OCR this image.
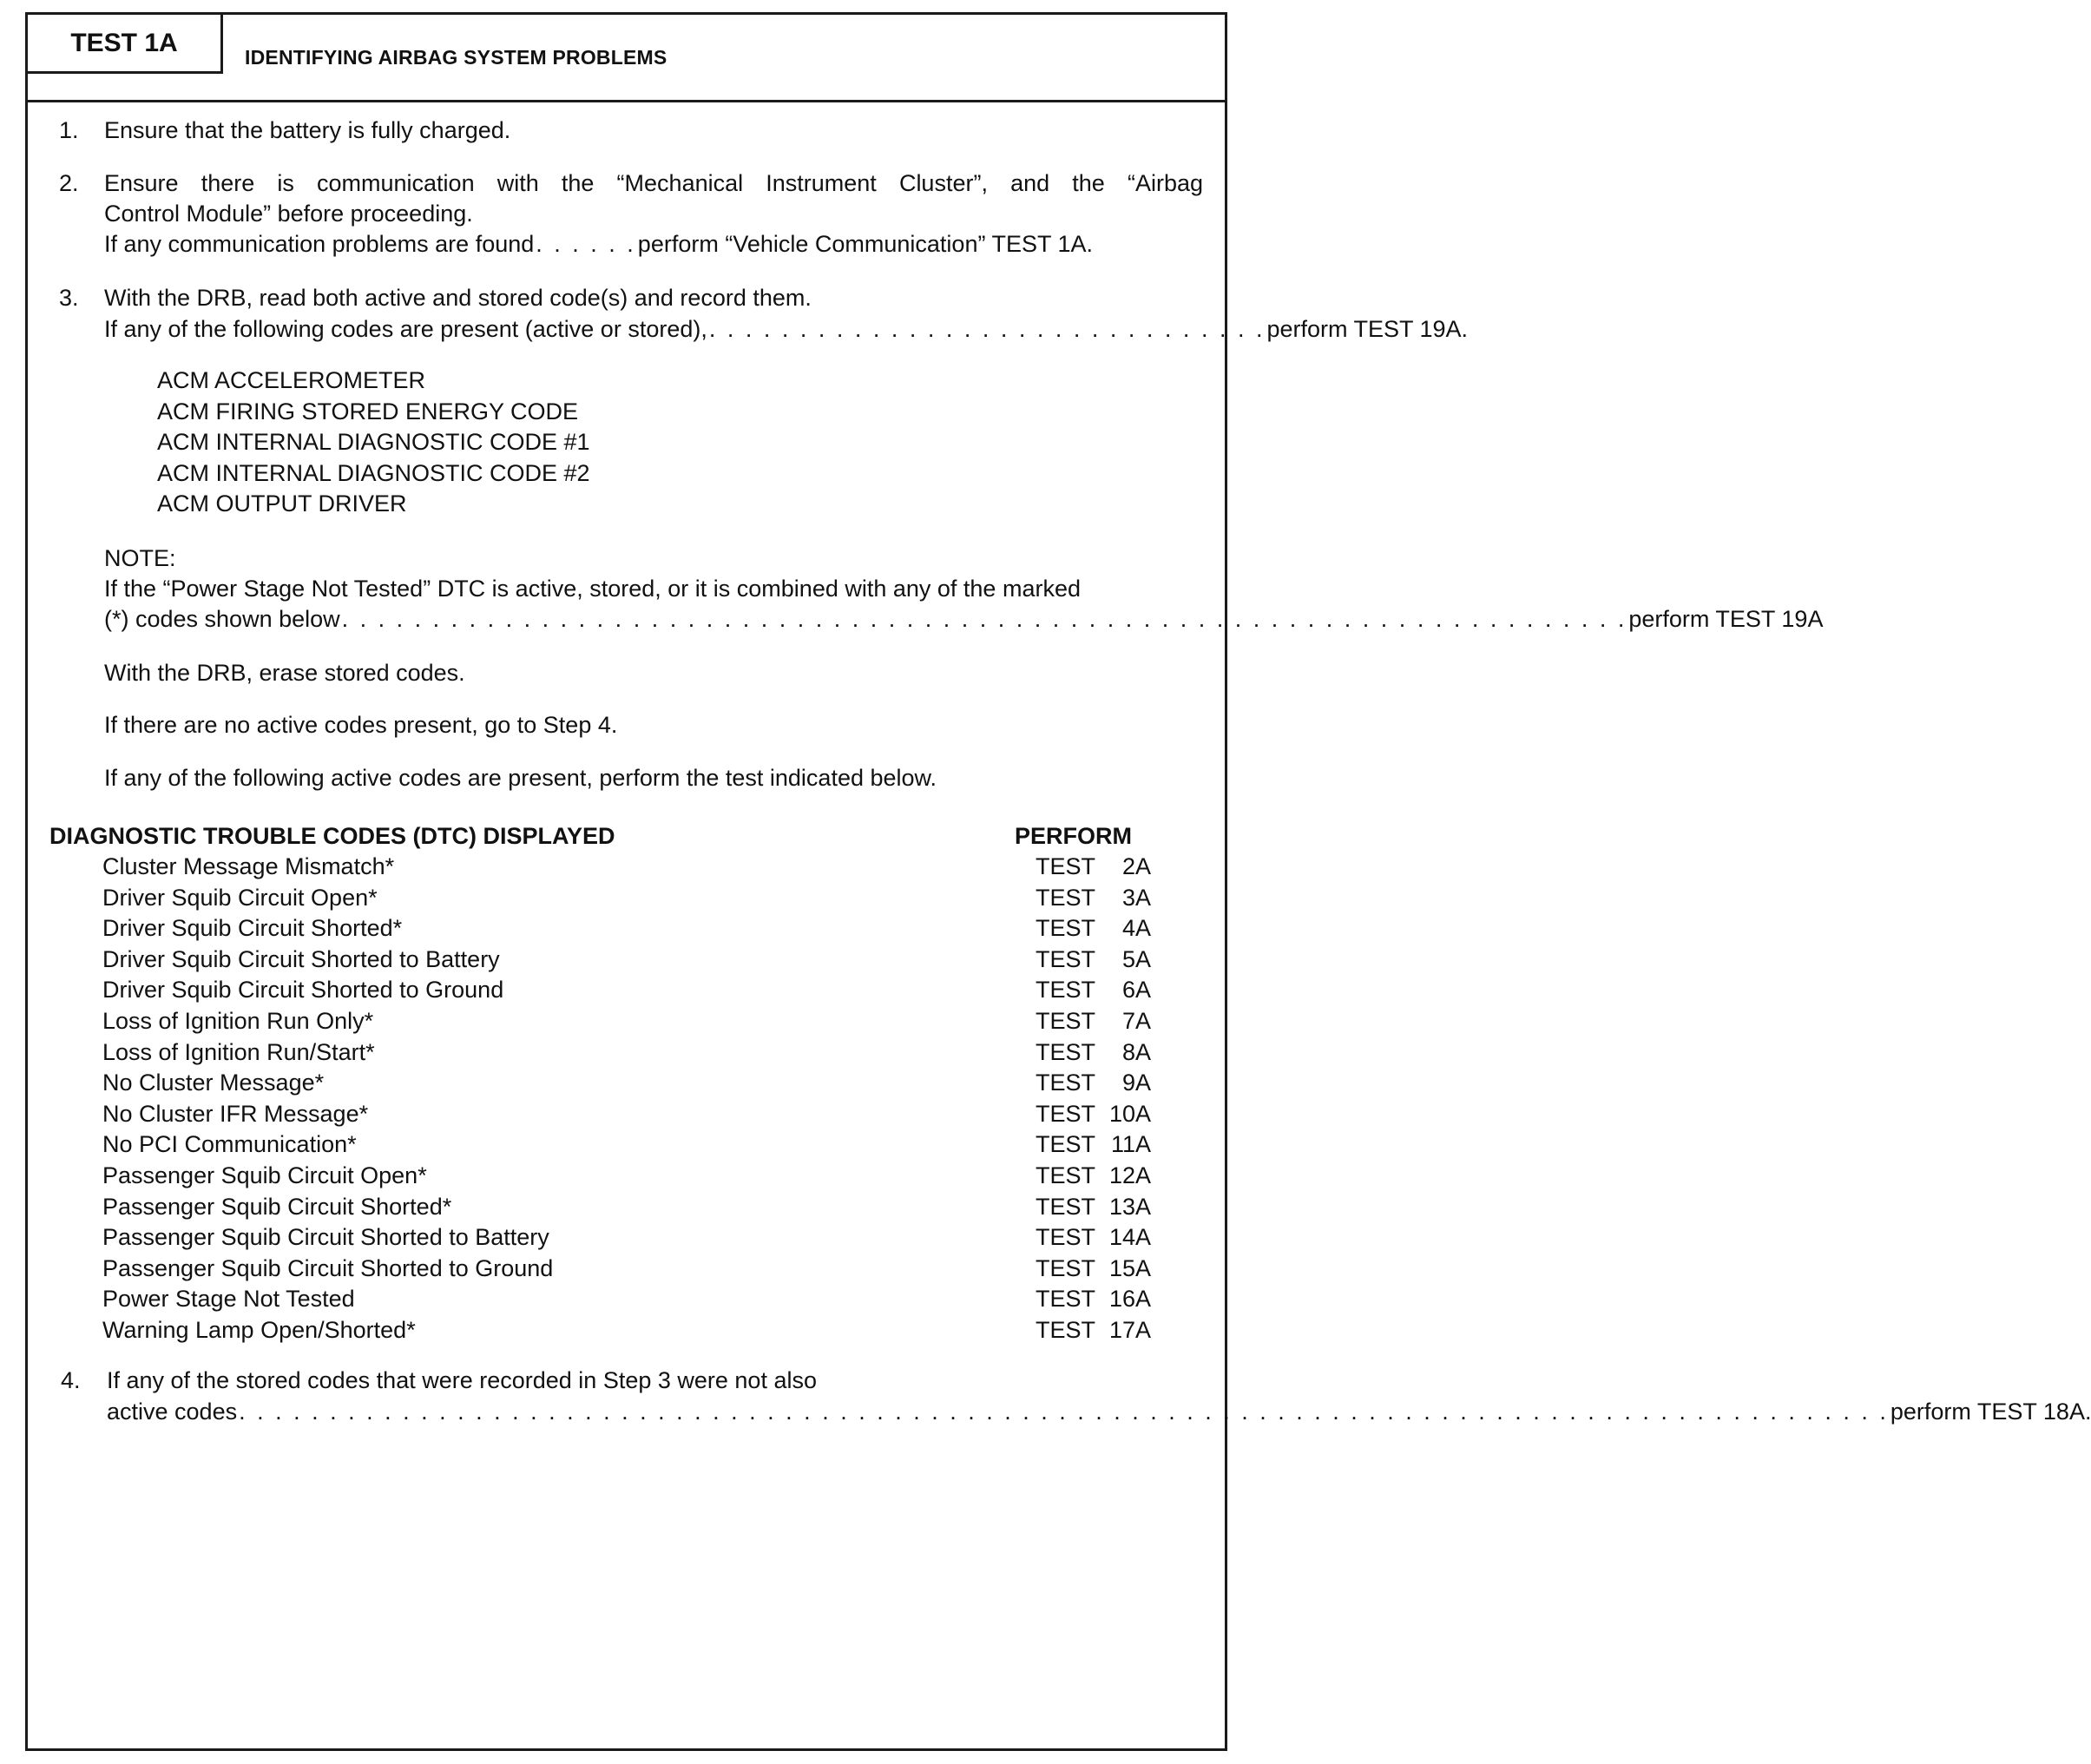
TEST 1A
IDENTIFYING AIRBAG SYSTEM PROBLEMS
1. Ensure that the battery is fully charged.
2. Ensure there is communication with the “Mechanical Instrument Cluster”, and the “Airbag
Control Module” before proceeding.
If any communication problems are found . . . . . . perform “Vehicle Communication” TEST 1A.
3. With the DRB, read both active and stored code(s) and record them.
If any of the following codes are present (active or stored), . . . . . . . . . . . . . . . . . . . . . . . . . . . . . . . perform TEST 19A.
ACM ACCELEROMETER
ACM FIRING STORED ENERGY CODE
ACM INTERNAL DIAGNOSTIC CODE #1
ACM INTERNAL DIAGNOSTIC CODE #2
ACM OUTPUT DRIVER
NOTE:
If the “Power Stage Not Tested” DTC is active, stored, or it is combined with any of the marked
(*) codes shown below . . . . . . . . . . . . . . . . . . . . . . . . . . . . . . . . . . . . . . . . . . . . . . . . . . . . . . . . . . . . . . . . . . . . . . . perform TEST 19A
With the DRB, erase stored codes.
If there are no active codes present, go to Step 4.
If any of the following active codes are present, perform the test indicated below.
DIAGNOSTIC TROUBLE CODES (DTC) DISPLAYED	PERFORM
Cluster Message Mismatch*	TEST 2A
Driver Squib Circuit Open*	TEST 3A
Driver Squib Circuit Shorted*	TEST 4A
Driver Squib Circuit Shorted to Battery	TEST 5A
Driver Squib Circuit Shorted to Ground	TEST 6A
Loss of Ignition Run Only*	TEST 7A
Loss of Ignition Run/Start*	TEST 8A
No Cluster Message*	TEST 9A
No Cluster IFR Message*	TEST 10A
No PCI Communication*	TEST 11A
Passenger Squib Circuit Open*	TEST 12A
Passenger Squib Circuit Shorted*	TEST 13A
Passenger Squib Circuit Shorted to Battery	TEST 14A
Passenger Squib Circuit Shorted to Ground	TEST 15A
Power Stage Not Tested	TEST 16A
Warning Lamp Open/Shorted*	TEST 17A
4. If any of the stored codes that were recorded in Step 3 were not also
active codes . . . . . . . . . . . . . . . . . . . . . . . . . . . . . . . . . . . . . . . . . . . . . . . . . . . . . . . . . . . . . . . . . . . . . . . . . . . . . . . . . . . . . . . . . . . perform TEST 18A.
